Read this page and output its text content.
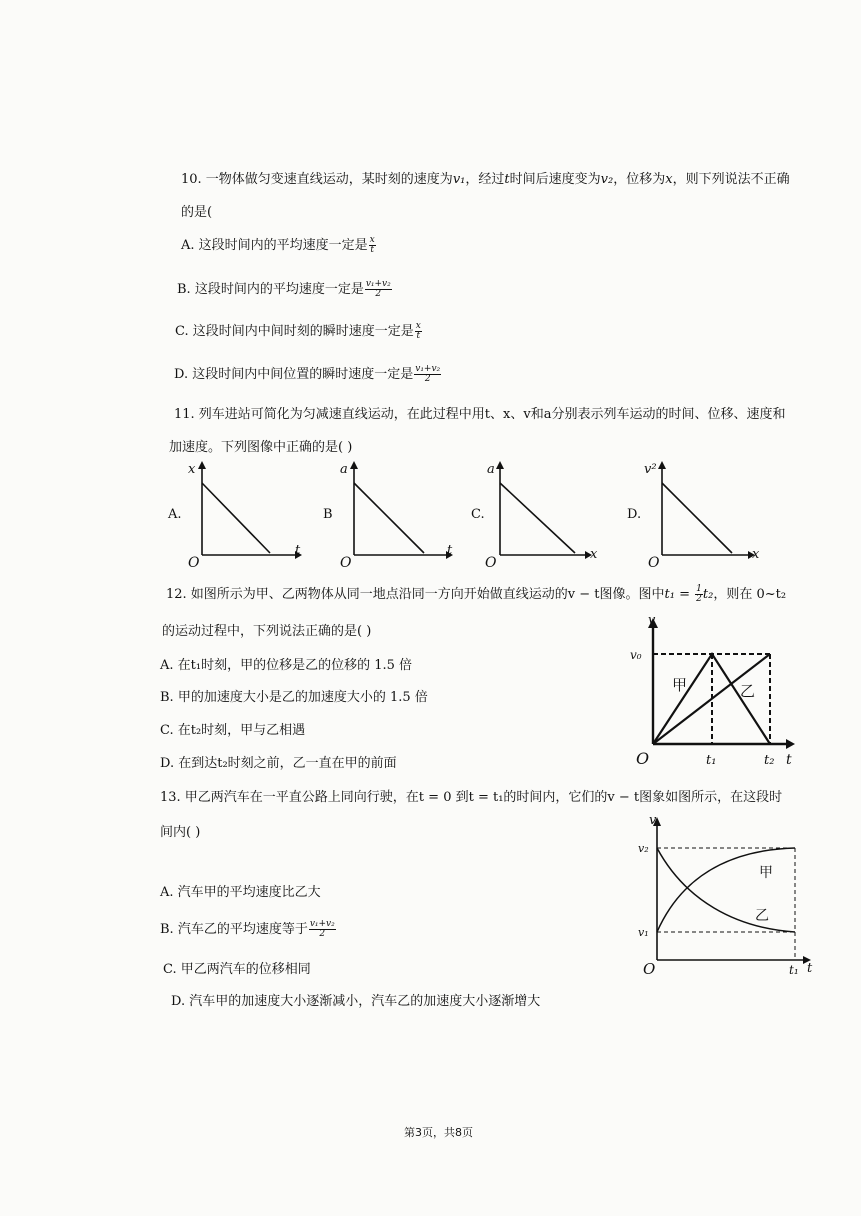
10. 一物体做匀变速直线运动，某时刻的速度为v₁，经过t时间后速度变为v₂，位移为x，则下列说法不正确
的是(
A. 这段时间内的平均速度一定是 $\frac{x}{t}$
B. 这段时间内的平均速度一定是 $\frac{\text{v₁+v₂}}{2}$
C. 这段时间内中间时刻的瞬时速度一定是 $\frac{x}{t}$
D. 这段时间内中间位置的瞬时速度一定是 $\frac{\text{v₁+v₂}}{2}$
11. 列车进站可简化为匀减速直线运动，在此过程中用t、x、v和a分别表示列车运动的时间、位移、速度和
加速度。下列图像中正确的是( )
A.	B	C.	D.
x
t
O
a
t
O
a
x
O
v²
x
O
12. 如图所示为甲、乙两物体从同一地点沿同一方向开始做直线运动的v − t图像。图中$t_1 = \frac{1}{2} t_2$，则在 0~t₂
的运动过程中，下列说法正确的是( )
A. 在t₁时刻，甲的位移是乙的位移的 1.5 倍
B. 甲的加速度大小是乙的加速度大小的 1.5 倍
C. 在t₂时刻，甲与乙相遇
D. 在到达t₂时刻之前，乙一直在甲的前面
v
v₀
甲	乙
O	t₁	t₂ t
13. 甲乙两汽车在一平直公路上同向行驶，在t = 0 到t = t₁的时间内，它们的v − t图象如图所示，在这段时
间内( )
A. 汽车甲的平均速度比乙大
B. 汽车乙的平均速度等于 $\frac{\text{v₁+v₂}}{2}$
C. 甲乙两汽车的位移相同
D. 汽车甲的加速度大小逐渐减小，汽车乙的加速度大小逐渐增大
v
v₂
v₁
甲
乙
O	t₁ t
第3页，共8页
